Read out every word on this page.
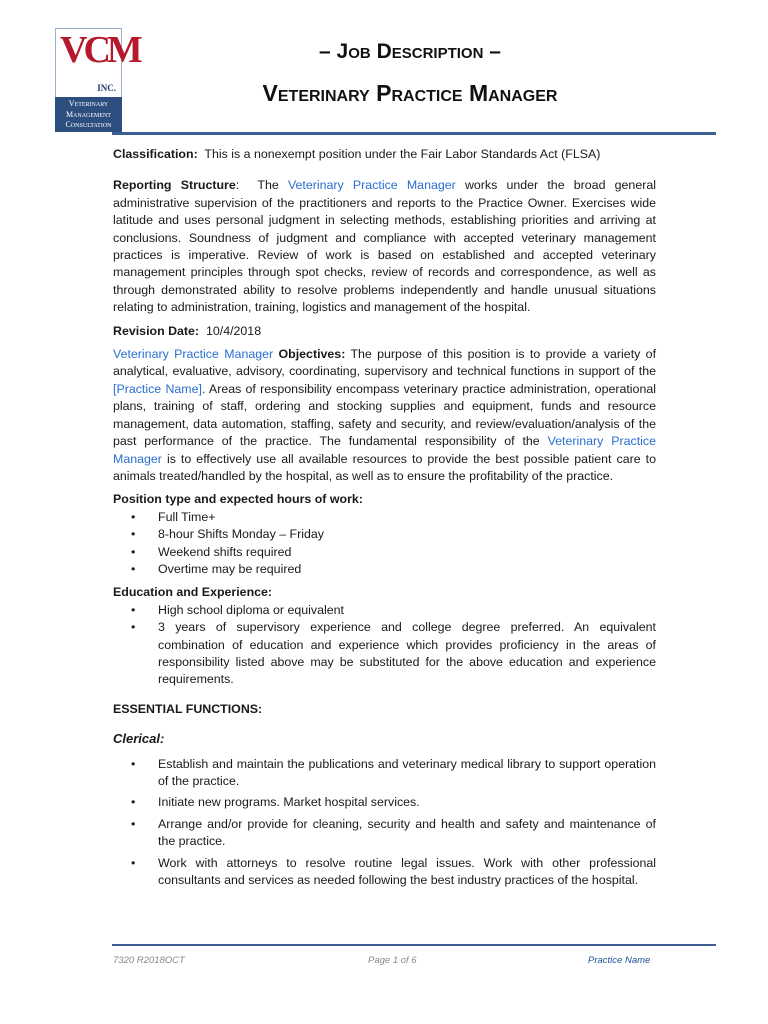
VCM
INC.
Veterinary
Management
Consultation
– Job Description –
Veterinary Practice Manager

Classification: This is a nonexempt position under the Fair Labor Standards Act (FLSA)

Reporting Structure: The Veterinary Practice Manager works under the broad general administrative supervision of the practitioners and reports to the Practice Owner. Exercises wide latitude and uses personal judgment in selecting methods, establishing priorities and arriving at conclusions. Soundness of judgment and compliance with accepted veterinary management practices is imperative. Review of work is based on established and accepted veterinary management principles through spot checks, review of records and correspondence, as well as through demonstrated ability to resolve problems independently and handle unusual situations relating to administration, training, logistics and management of the hospital.

Revision Date: 10/4/2018

Veterinary Practice Manager Objectives: The purpose of this position is to provide a variety of analytical, evaluative, advisory, coordinating, supervisory and technical functions in support of the [Practice Name]. Areas of responsibility encompass veterinary practice administration, operational plans, training of staff, ordering and stocking supplies and equipment, funds and resource management, data automation, staffing, safety and security, and review/evaluation/analysis of the past performance of the practice. The fundamental responsibility of the Veterinary Practice Manager is to effectively use all available resources to provide the best possible patient care to animals treated/handled by the hospital, as well as to ensure the profitability of the practice.

Position type and expected hours of work:

• Full Time+
• 8-hour Shifts Monday – Friday
• Weekend shifts required
• Overtime may be required

Education and Experience:

• High school diploma or equivalent
• 3 years of supervisory experience and college degree preferred. An equivalent combination of education and experience which provides proficiency in the areas of responsibility listed above may be substituted for the above education and experience requirements.

ESSENTIAL FUNCTIONS:

Clerical:

• Establish and maintain the publications and veterinary medical library to support operation of the practice.
• Initiate new programs. Market hospital services.
• Arrange and/or provide for cleaning, security and health and safety and maintenance of the practice.
• Work with attorneys to resolve routine legal issues. Work with other professional consultants and services as needed following the best industry practices of the hospital.
7320 R2018OCT	Page 1 of 6	Practice Name
